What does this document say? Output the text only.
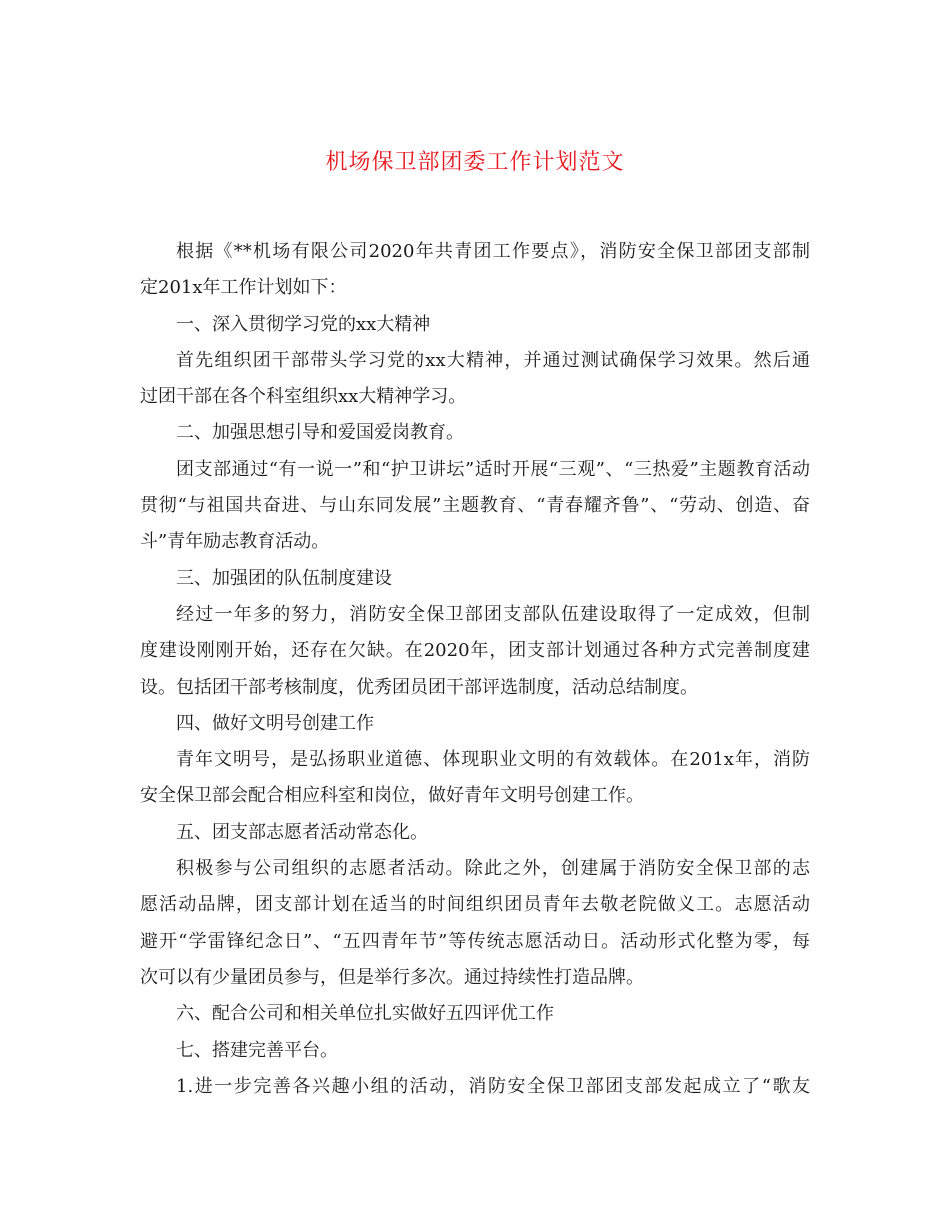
机场保卫部团委工作计划范文
根据《**机场有限公司2020年共青团工作要点》，消防安全保卫部团支部制
定201x年工作计划如下：
一、深入贯彻学习党的xx大精神
首先组织团干部带头学习党的xx大精神，并通过测试确保学习效果。然后通
过团干部在各个科室组织xx大精神学习。
二、加强思想引导和爱国爱岗教育。
团支部通过“有一说一”和“护卫讲坛”适时开展“三观”、“三热爱”主题教育活动
贯彻“与祖国共奋进、与山东同发展”主题教育、“青春耀齐鲁”、“劳动、创造、奋
斗”青年励志教育活动。
三、加强团的队伍制度建设
经过一年多的努力，消防安全保卫部团支部队伍建设取得了一定成效，但制
度建设刚刚开始，还存在欠缺。在2020年，团支部计划通过各种方式完善制度建
设。包括团干部考核制度，优秀团员团干部评选制度，活动总结制度。
四、做好文明号创建工作
青年文明号，是弘扬职业道德、体现职业文明的有效载体。在201x年，消防
安全保卫部会配合相应科室和岗位，做好青年文明号创建工作。
五、团支部志愿者活动常态化。
积极参与公司组织的志愿者活动。除此之外，创建属于消防安全保卫部的志
愿活动品牌，团支部计划在适当的时间组织团员青年去敬老院做义工。志愿活动
避开“学雷锋纪念日”、“五四青年节”等传统志愿活动日。活动形式化整为零，每
次可以有少量团员参与，但是举行多次。通过持续性打造品牌。
六、配合公司和相关单位扎实做好五四评优工作
七、搭建完善平台。
1.进一步完善各兴趣小组的活动，消防安全保卫部团支部发起成立了“歌友
